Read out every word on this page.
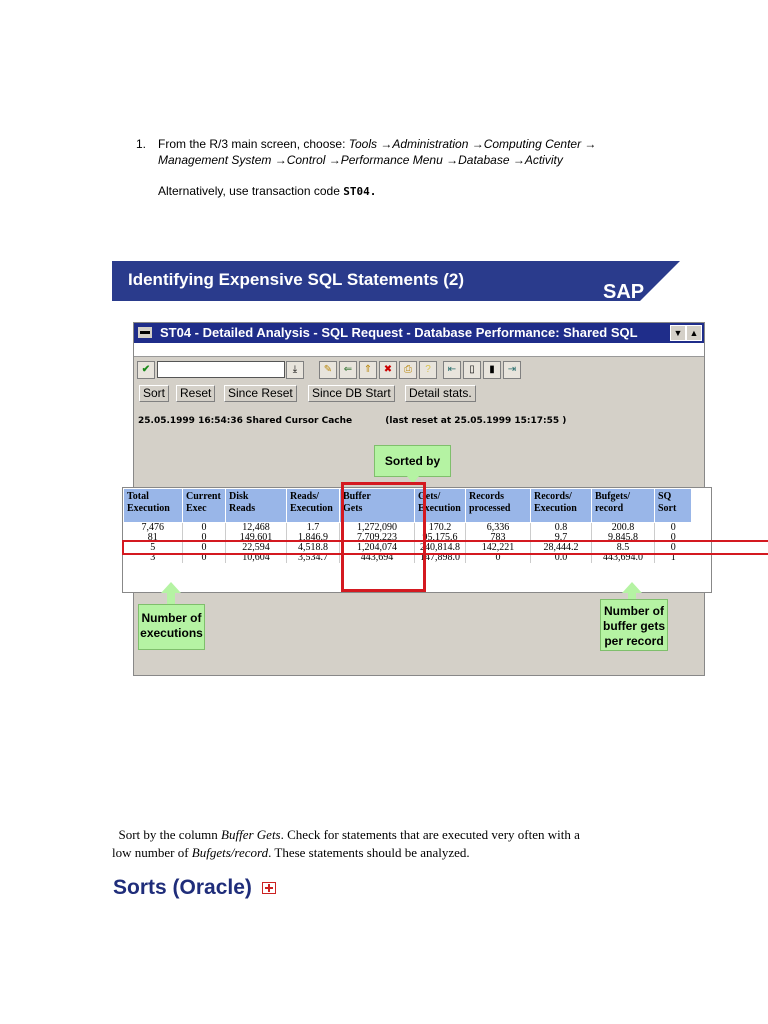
1. From the R/3 main screen, choose: Tools →Administration →Computing Center →
Management System →Control →Performance Menu →Database →Activity
Alternatively, use transaction code ST04.
Identifying Expensive SQL Statements (2)
SAP
ST04 - Detailed Analysis - SQL Request - Database Performance: Shared SQL	▼ ▲
✔	⤓	✎	⇐	⇑	✖	⎙	?	⇤	▯	▮	⇥
Sort	Reset	Since Reset	Since DB Start	Detail stats.
25.05.1999 16:54:36 Shared Cursor Cache	(last reset at 25.05.1999 15:17:55 )
Sorted by
Total
Execution	Current
Exec	Disk
Reads	Reads/
Execution	Buffer
Gets	Gets/
Execution	Records
processed	Records/
Execution	Bufgets/
record	SQ
Sort
7,476	0	12,468	1.7	1,272,090	170.2	6,336	0.8	200.8	0
81	0	149,601	1,846.9	7,709,223	95,175.6	783	9.7	9,845.8	0
5	0	22,594	4,518.8	1,204,074	240,814.8	142,221	28,444.2	8.5	0
3	0	10,604	3,534.7	443,694	147,898.0	0	0.0	443,694.0	1
Number of
executions
Number of
buffer gets
per record
Sort by the column Buffer Gets. Check for statements that are executed very often with a
low number of Bufgets/record. These statements should be analyzed.
Sorts (Oracle)
